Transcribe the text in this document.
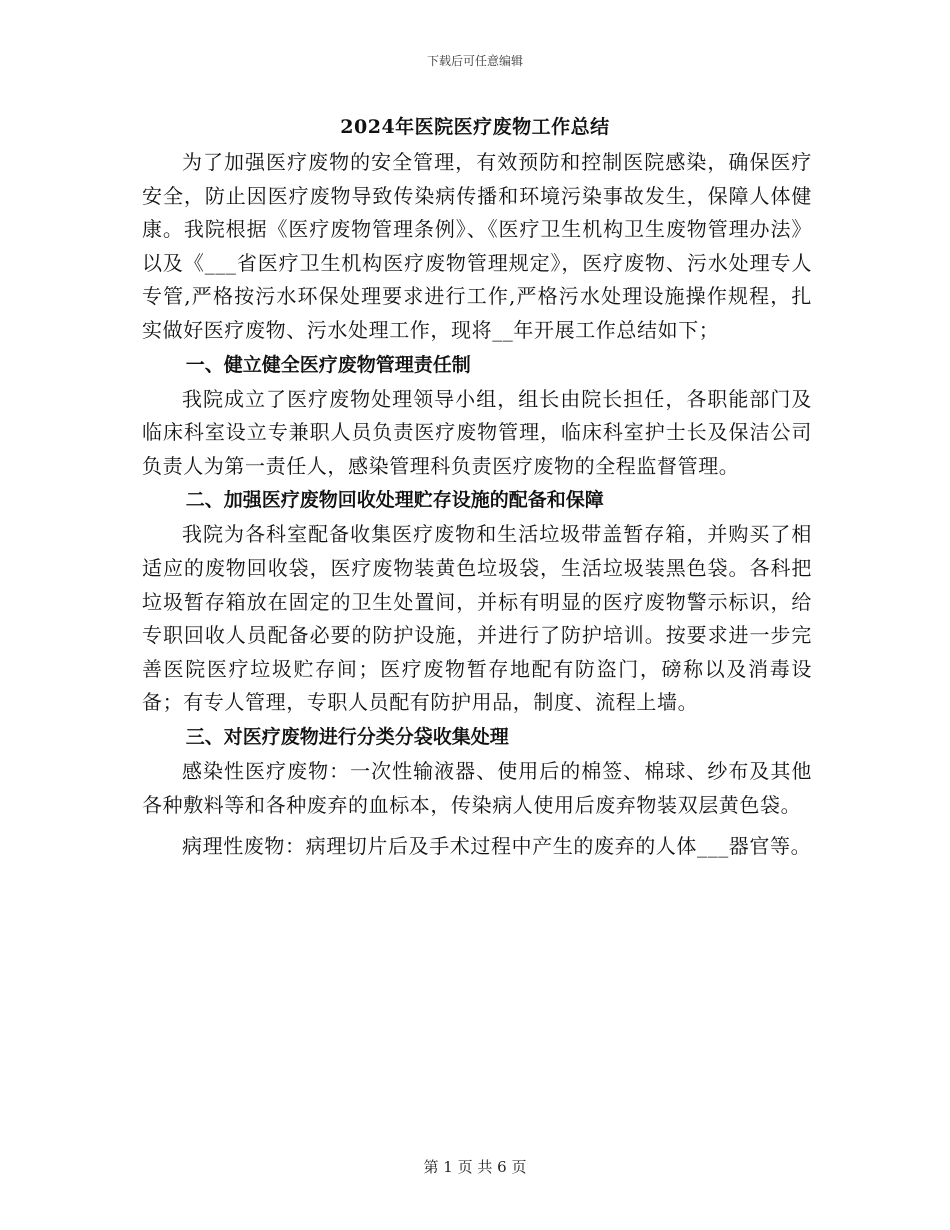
下载后可任意编辑
2024年医院医疗废物工作总结

为了加强医疗废物的安全管理，有效预防和控制医院感染，确保医疗安全，防止因医疗废物导致传染病传播和环境污染事故发生，保障人体健康。我院根据《医疗废物管理条例》、《医疗卫生机构卫生废物管理办法》以及《___省医疗卫生机构医疗废物管理规定》，医疗废物、污水处理专人专管,严格按污水环保处理要求进行工作,严格污水处理设施操作规程，扎实做好医疗废物、污水处理工作，现将__年开展工作总结如下；

一、健立健全医疗废物管理责任制

我院成立了医疗废物处理领导小组，组长由院长担任，各职能部门及临床科室设立专兼职人员负责医疗废物管理，临床科室护士长及保洁公司负责人为第一责任人，感染管理科负责医疗废物的全程监督管理。

二、加强医疗废物回收处理贮存设施的配备和保障

我院为各科室配备收集医疗废物和生活垃圾带盖暂存箱，并购买了相适应的废物回收袋，医疗废物装黄色垃圾袋，生活垃圾装黑色袋。各科把垃圾暂存箱放在固定的卫生处置间，并标有明显的医疗废物警示标识，给专职回收人员配备必要的防护设施，并进行了防护培训。按要求进一步完善医院医疗垃圾贮存间；医疗废物暂存地配有防盗门，磅称以及消毒设备；有专人管理，专职人员配有防护用品，制度、流程上墙。

三、对医疗废物进行分类分袋收集处理

感染性医疗废物：一次性输液器、使用后的棉签、棉球、纱布及其他各种敷料等和各种废弃的血标本，传染病人使用后废弃物装双层黄色袋。

病理性废物：病理切片后及手术过程中产生的废弃的人体___器官等。

第 1 页 共 6 页
